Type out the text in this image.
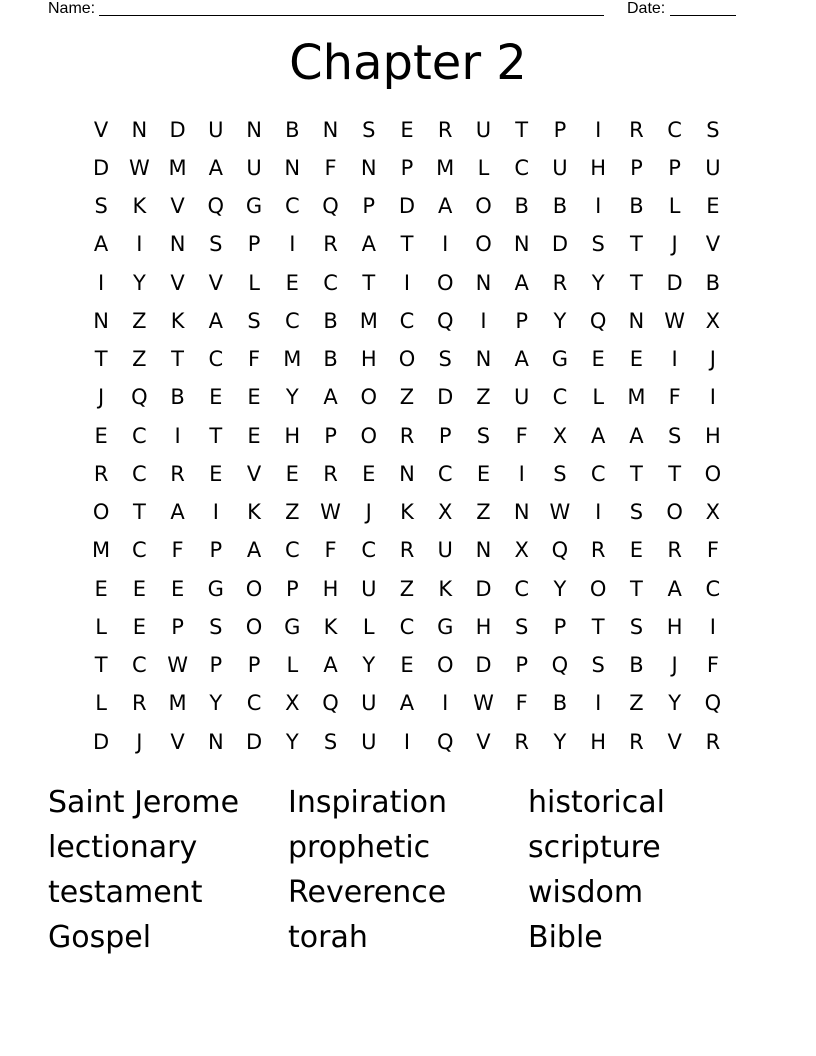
Name:	Date:
Chapter 2
V	N	D	U	N	B	N	S	E	R	U	T	P	I	R	C	S
D	W	M	A	U	N	F	N	P	M	L	C	U	H	P	P	U
S	K	V	Q	G	C	Q	P	D	A	O	B	B	I	B	L	E
A	I	N	S	P	I	R	A	T	I	O	N	D	S	T	J	V
I	Y	V	V	L	E	C	T	I	O	N	A	R	Y	T	D	B
N	Z	K	A	S	C	B	M	C	Q	I	P	Y	Q	N	W	X
T	Z	T	C	F	M	B	H	O	S	N	A	G	E	E	I	J
J	Q	B	E	E	Y	A	O	Z	D	Z	U	C	L	M	F	I
E	C	I	T	E	H	P	O	R	P	S	F	X	A	A	S	H
R	C	R	E	V	E	R	E	N	C	E	I	S	C	T	T	O
O	T	A	I	K	Z	W	J	K	X	Z	N	W	I	S	O	X
M	C	F	P	A	C	F	C	R	U	N	X	Q	R	E	R	F
E	E	E	G	O	P	H	U	Z	K	D	C	Y	O	T	A	C
L	E	P	S	O	G	K	L	C	G	H	S	P	T	S	H	I
T	C	W	P	P	L	A	Y	E	O	D	P	Q	S	B	J	F
L	R	M	Y	C	X	Q	U	A	I	W	F	B	I	Z	Y	Q
D	J	V	N	D	Y	S	U	I	Q	V	R	Y	H	R	V	R
Saint Jerome	Inspiration	historical
lectionary	prophetic	scripture
testament	Reverence	wisdom
Gospel	torah	Bible
